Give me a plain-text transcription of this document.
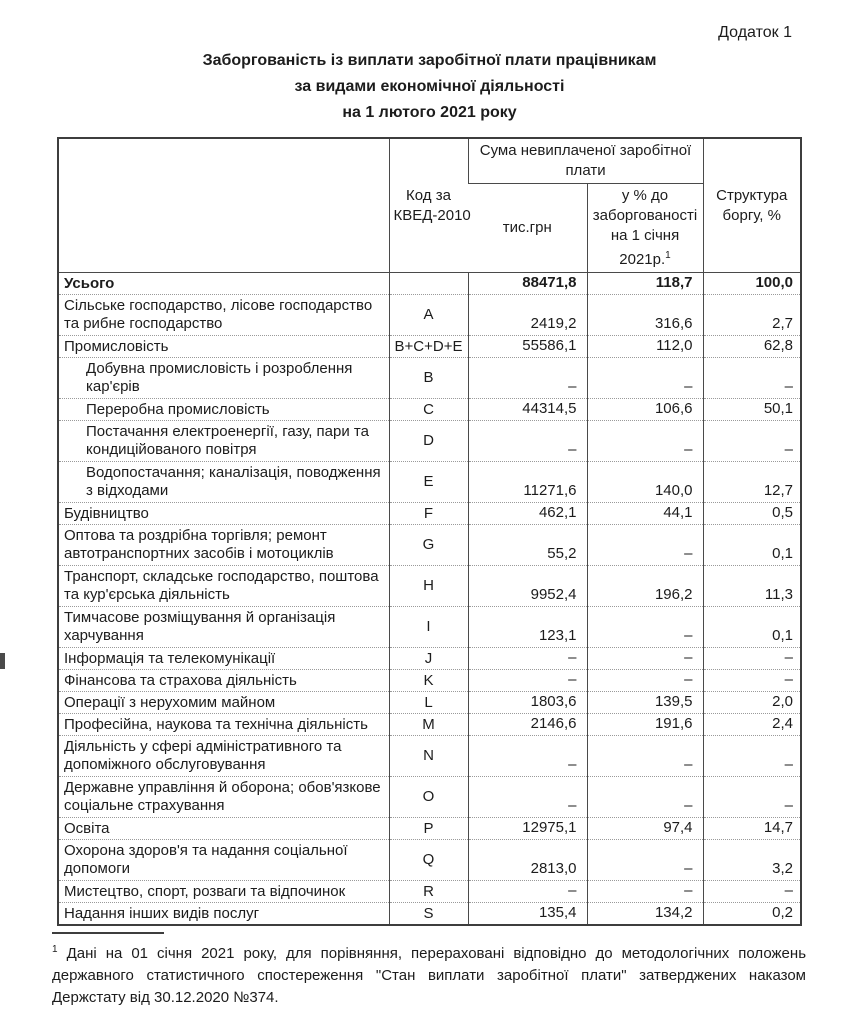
Додаток 1
Заборгованість із виплати заробітної плати працівникам
за видами економічної діяльності
на 1 лютого 2021 року
	Код за КВЕД-2010	Сума невиплаченої заробітної плати		Структура боргу, %
		тис.грн	у % до заборгованості на 1 січня 2021р.$^1$
Усього		88471,8	118,7	100,0
Сільське господарство, лісове господарство та рибне господарство	A	2419,2	316,6	2,7
Промисловість	B+C+D+E	55586,1	112,0	62,8
Добувна промисловість і розроблення кар'єрів	B	–	–	–
Переробна промисловість	C	44314,5	106,6	50,1
Постачання електроенергії, газу, пари та кондиційованого повітря	D	–	–	–
Водопостачання; каналізація, поводження з відходами	E	11271,6	140,0	12,7
Будівництво	F	462,1	44,1	0,5
Оптова та роздрібна торгівля; ремонт автотранспортних засобів і мотоциклів	G	55,2	–	0,1
Транспорт, складське господарство, поштова та кур'єрська діяльність	H	9952,4	196,2	11,3
Тимчасове розміщування й організація харчування	I	123,1	–	0,1
Інформація та телекомунікації	J	–	–	–
Фінансова та страхова діяльність	K	–	–	–
Операції з нерухомим майном	L	1803,6	139,5	2,0
Професійна, наукова та технічна діяльність	M	2146,6	191,6	2,4
Діяльність у сфері адміністративного та допоміжного обслуговування	N	–	–	–
Державне управління й оборона; обов'язкове соціальне страхування	O	–	–	–
Освіта	P	12975,1	97,4	14,7
Охорона здоров'я та надання соціальної допомоги	Q	2813,0	–	3,2
Мистецтво, спорт, розваги та відпочинок	R	–	–	–
Надання інших видів послуг	S	135,4	134,2	0,2

$^1$ Дані на 01 січня 2021 року, для порівняння, перераховані відповідно до методологічних положень державного статистичного спостереження "Стан виплати заробітної плати" затверджених наказом Держстату від 30.12.2020 №374.
